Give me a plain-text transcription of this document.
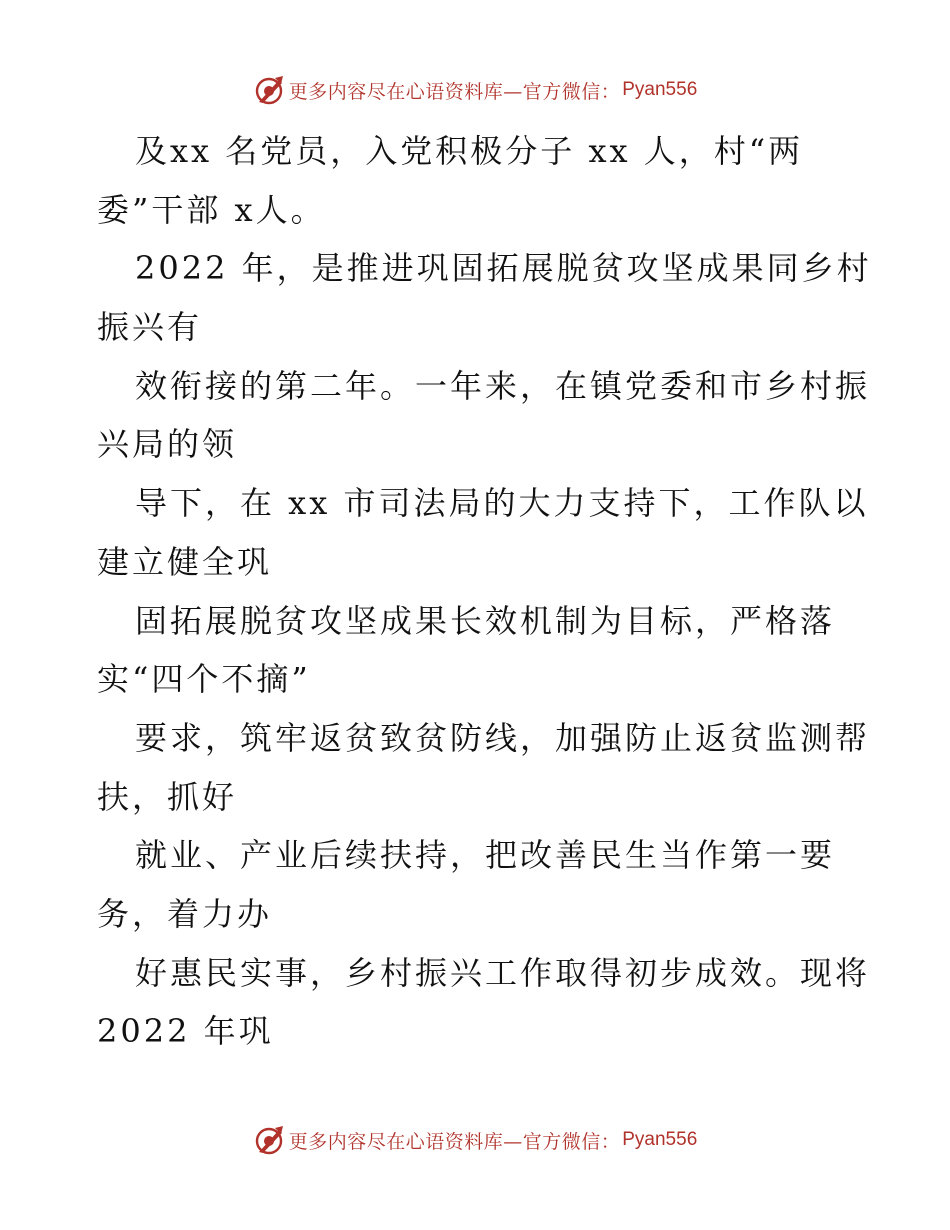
更多内容尽在心语资料库—官方微信： Pyan556
及xx 名党员，入党积极分子 xx 人，村“两
委”干部 x人。
2022 年，是推进巩固拓展脱贫攻坚成果同乡村
振兴有
效衔接的第二年。一年来，在镇党委和市乡村振
兴局的领
导下，在 xx 市司法局的大力支持下，工作队以
建立健全巩
固拓展脱贫攻坚成果长效机制为目标，严格落
实“四个不摘”
要求，筑牢返贫致贫防线，加强防止返贫监测帮
扶，抓好
就业、产业后续扶持，把改善民生当作第一要
务，着力办
好惠民实事，乡村振兴工作取得初步成效。现将
2022 年巩
更多内容尽在心语资料库—官方微信： Pyan556
